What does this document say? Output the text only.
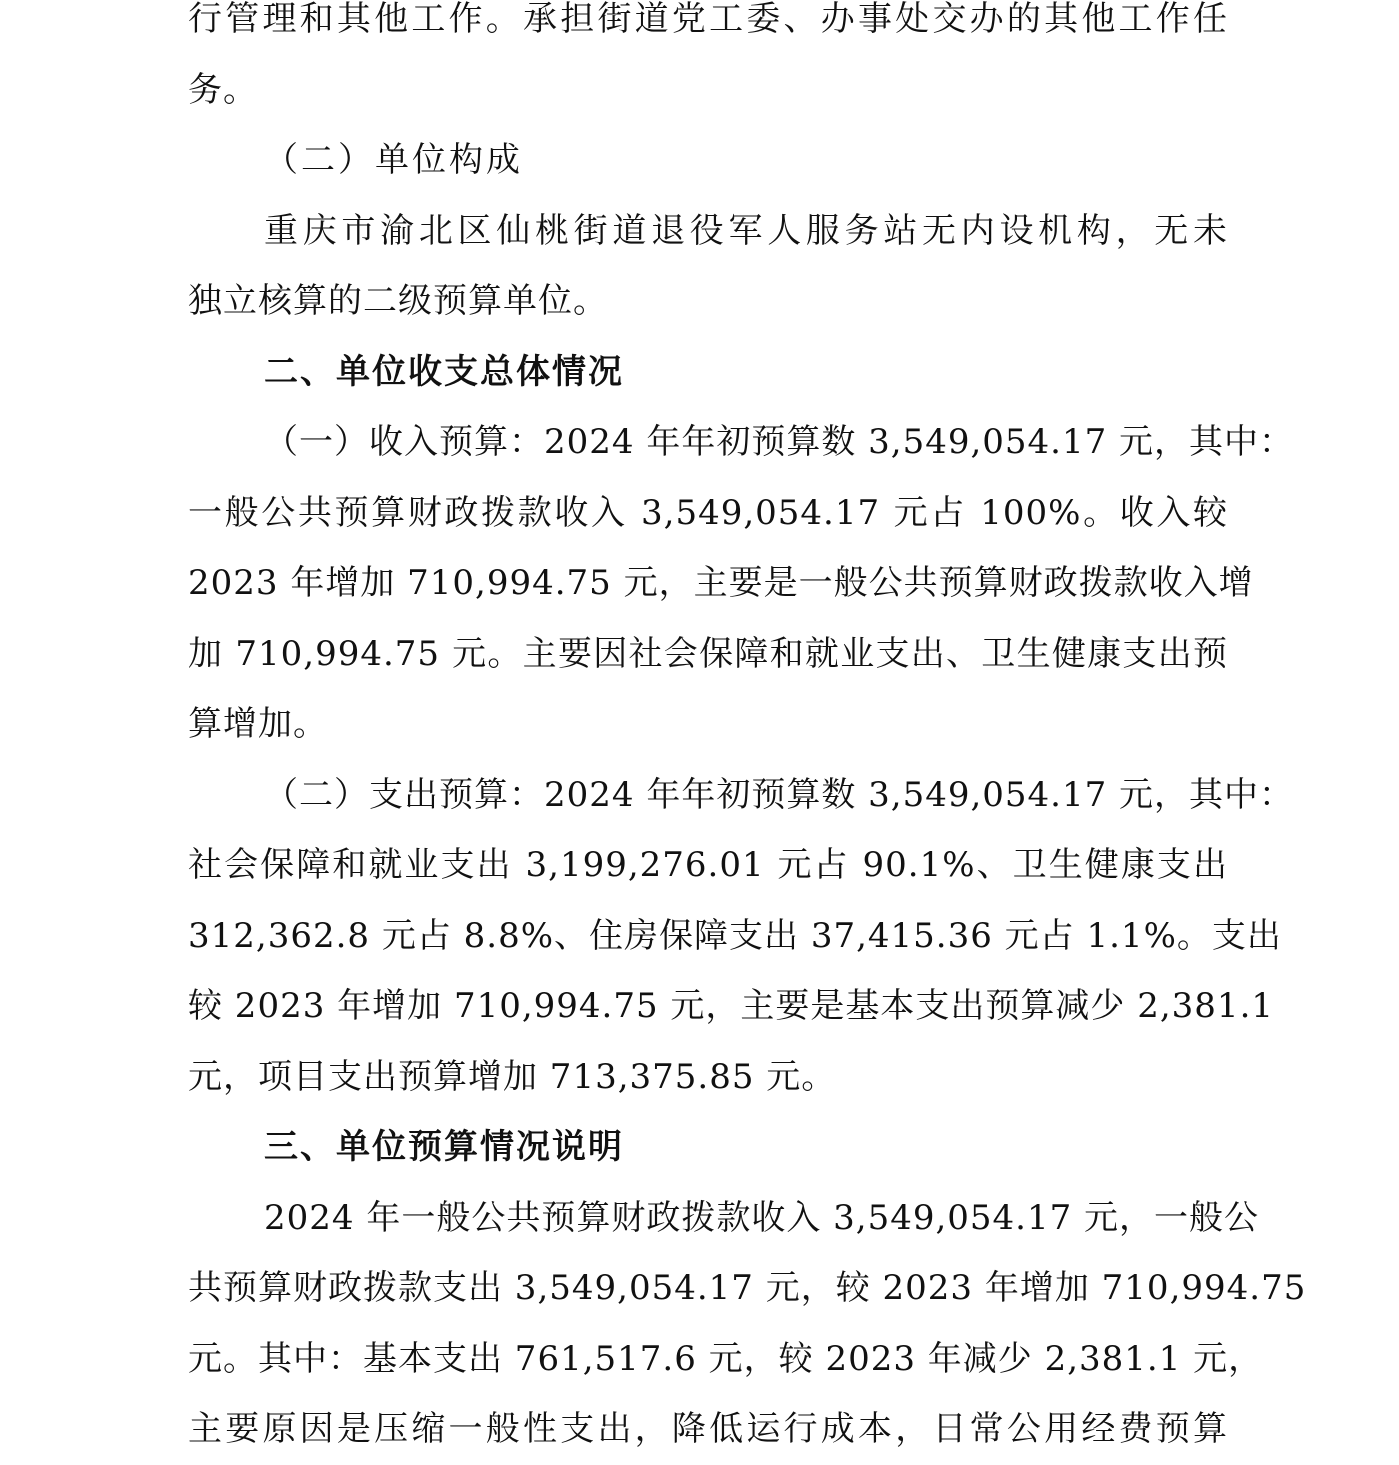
行管理和其他工作。承担街道党工委、办事处交办的其他工作任
务。
（二）单位构成
重庆市渝北区仙桃街道退役军人服务站无内设机构，无未
独立核算的二级预算单位。
二、单位收支总体情况
（一）收入预算：2024 年年初预算数 3,549,054.17 元，其中：
一般公共预算财政拨款收入 3,549,054.17 元占 100%。收入较
2023 年增加 710,994.75 元，主要是一般公共预算财政拨款收入增
加 710,994.75 元。主要因社会保障和就业支出、卫生健康支出预
算增加。
（二）支出预算：2024 年年初预算数 3,549,054.17 元，其中：
社会保障和就业支出 3,199,276.01 元占 90.1%、卫生健康支出
312,362.8 元占 8.8%、住房保障支出 37,415.36 元占 1.1%。支出
较 2023 年增加 710,994.75 元，主要是基本支出预算减少 2,381.1
元，项目支出预算增加 713,375.85 元。
三、单位预算情况说明
2024 年一般公共预算财政拨款收入 3,549,054.17 元，一般公
共预算财政拨款支出 3,549,054.17 元，较 2023 年增加 710,994.75
元。其中：基本支出 761,517.6 元，较 2023 年减少 2,381.1 元，
主要原因是压缩一般性支出，降低运行成本，日常公用经费预算
